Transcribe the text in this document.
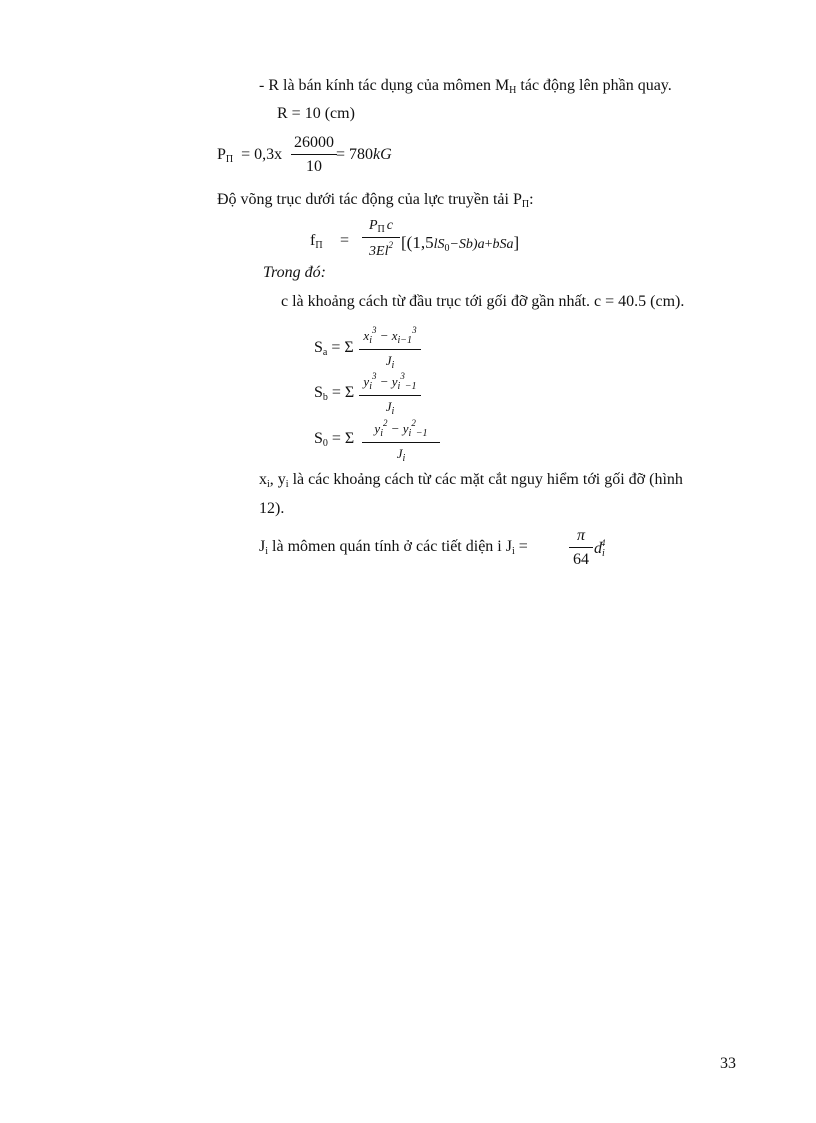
- R là bán kính tác dụng của mômen $M_H$ tác động lên phần quay.
R = 10 (cm)
$P_\Pi = 0,3x$
26000
10
= 780kG
Độ võng trục dưới tác động của lực truyền tải $P_\Pi$:
$f_\Pi$ =
$P_\Pi$ c
3El$^2$ $[(1,5lS_0-Sb)a+bSa]$
Trong đó:
c là khoảng cách từ đầu trục tới gối đỡ gần nhất. c = 40.5 (cm).
$S_a = \Sigma$
$x_i^3 - x_{i-1}^3$
$J_i$
$S_b = \Sigma$
$y_i^3 - y_i^3_{-1}$
$J_i$
$S_0 = \Sigma$
$y_i^2 - y_i^2_{-1}$
$J_i$
$x_i$, $y_i$ là các khoảng cách từ các mặt cắt nguy hiểm tới gối đỡ (hình
12).
$J_i$ là mômen quán tính ở các tiết diện i $J_i$ =
π
64
$d_i^4$
33
